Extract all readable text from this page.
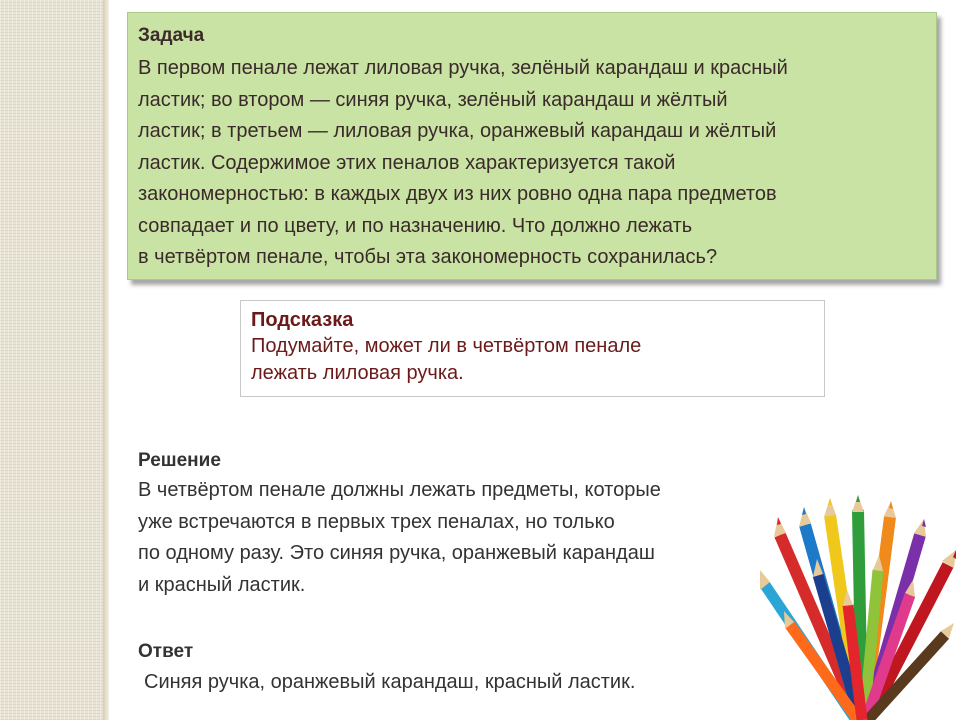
Задача
В первом пенале лежат лиловая ручка, зелёный карандаш и красный
ластик; во втором — синяя ручка, зелёный карандаш и жёлтый
ластик; в третьем — лиловая ручка, оранжевый карандаш и жёлтый
ластик. Содержимое этих пеналов характеризуется такой
закономерностью: в каждых двух из них ровно одна пара предметов
совпадает и по цвету, и по назначению. Что должно лежать
в четвёртом пенале, чтобы эта закономерность сохранилась?
Подсказка
Подумайте, может ли в четвёртом пенале
лежать лиловая ручка.
Решение
В четвёртом пенале должны лежать предметы, которые
уже встречаются в первых трех пеналах, но только
по одному разу. Это синяя ручка, оранжевый карандаш
и красный ластик.
Ответ
Синяя ручка, оранжевый карандаш, красный ластик.
